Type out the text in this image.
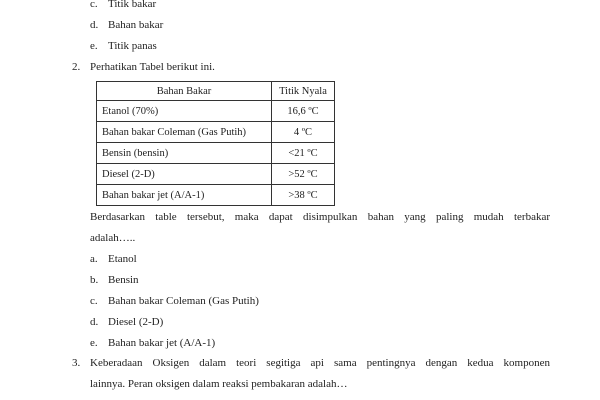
c. Titik bakar
d. Bahan bakar
e. Titik panas
2. Perhatikan Tabel berikut ini.
Bahan Bakar	Titik Nyala
Etanol (70%)	16,6 ºC
Bahan bakar Coleman (Gas Putih)	4 ºC
Bensin (bensin)	<21 ºC
Diesel (2-D)	>52 ºC
Bahan bakar jet (A/A-1)	>38 ºC
Berdasarkan table tersebut, maka dapat disimpulkan bahan yang paling mudah terbakar
adalah…..
a. Etanol
b. Bensin
c. Bahan bakar Coleman (Gas Putih)
d. Diesel (2-D)
e. Bahan bakar jet (A/A-1)
3. Keberadaan Oksigen dalam teori segitiga api sama pentingnya dengan kedua komponen
lainnya. Peran oksigen dalam reaksi pembakaran adalah…
